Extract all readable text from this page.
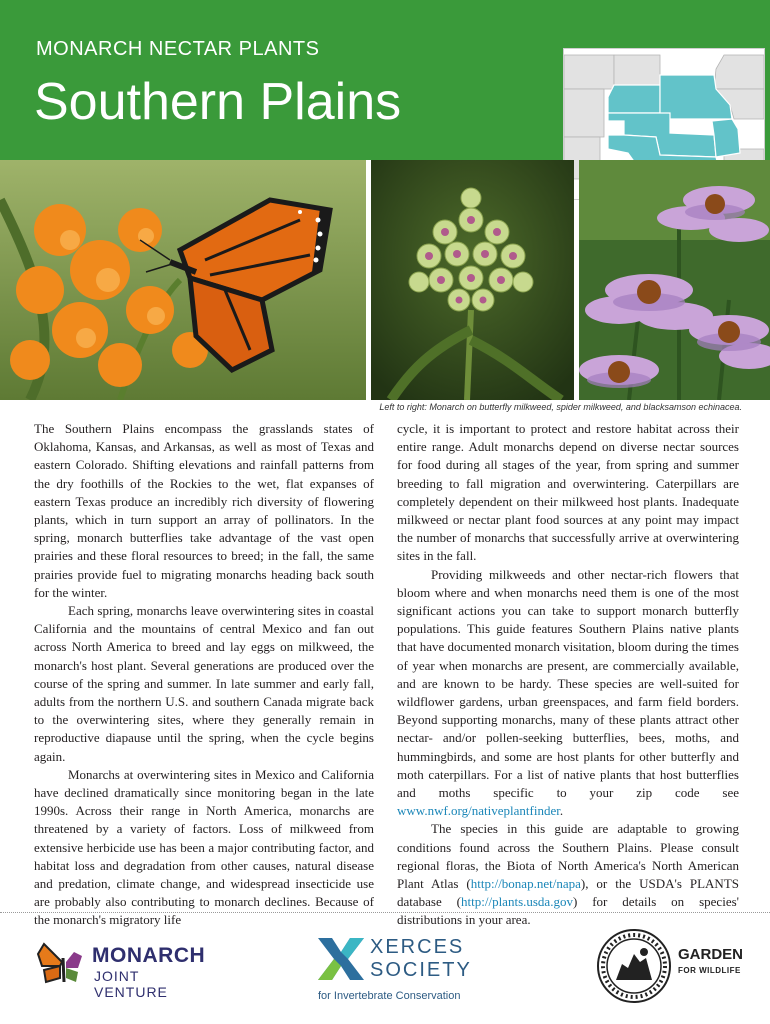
MONARCH NECTAR PLANTS
Southern Plains
Left to right: Monarch on butterfly milkweed, spider milkweed, and blacksamson echinacea.

The Southern Plains encompass the grasslands states of Oklahoma, Kansas, and Arkansas, as well as most of Texas and eastern Colorado. Shifting elevations and rainfall patterns from the dry foothills of the Rockies to the wet, flat expanses of eastern Texas produce an incredibly rich diversity of flowering plants, which in turn support an array of pollinators. In the spring, monarch butterflies take advantage of the vast open prairies and these floral resources to breed; in the fall, the same prairies provide fuel to migrating monarchs heading back south for the winter.

Each spring, monarchs leave overwintering sites in coastal California and the mountains of central Mexico and fan out across North America to breed and lay eggs on milkweed, the monarch's host plant. Several generations are produced over the course of the spring and summer. In late summer and early fall, adults from the northern U.S. and southern Canada migrate back to the overwintering sites, where they generally remain in reproductive diapause until the spring, when the cycle begins again.

Monarchs at overwintering sites in Mexico and California have declined dramatically since monitoring began in the late 1990s. Across their range in North America, monarchs are threatened by a variety of factors. Loss of milkweed from extensive herbicide use has been a major contributing factor, and habitat loss and degradation from other causes, natural disease and predation, climate change, and widespread insecticide use are probably also contributing to monarch declines. Because of the monarch's migratory life

cycle, it is important to protect and restore habitat across their entire range. Adult monarchs depend on diverse nectar sources for food during all stages of the year, from spring and summer breeding to fall migration and overwintering. Caterpillars are completely dependent on their milkweed host plants. Inadequate milkweed or nectar plant food sources at any point may impact the number of monarchs that successfully arrive at overwintering sites in the fall.

Providing milkweeds and other nectar-rich flowers that bloom where and when monarchs need them is one of the most significant actions you can take to support monarch butterfly populations. This guide features Southern Plains native plants that have documented monarch visitation, bloom during the times of year when monarchs are present, are commercially available, and are known to be hardy. These species are well-suited for wildflower gardens, urban greenspaces, and farm field borders. Beyond supporting monarchs, many of these plants attract other nectar- and/or pollen-seeking butterflies, bees, moths, and hummingbirds, and some are host plants for other butterfly and moth caterpillars. For a list of native plants that host butterflies and moths specific to your zip code see www.nwf.org/nativeplantfinder.

The species in this guide are adaptable to growing conditions found across the Southern Plains. Please consult regional floras, the Biota of North America's North American Plant Atlas (http://bonap.net/napa), or the USDA's PLANTS database (http://plants.usda.gov) for details on species' distributions in your area.

MONARCH
JOINT VENTURE
XERCES
SOCIETY
for Invertebrate Conservation
GARDEN
FOR WILDLIFE
